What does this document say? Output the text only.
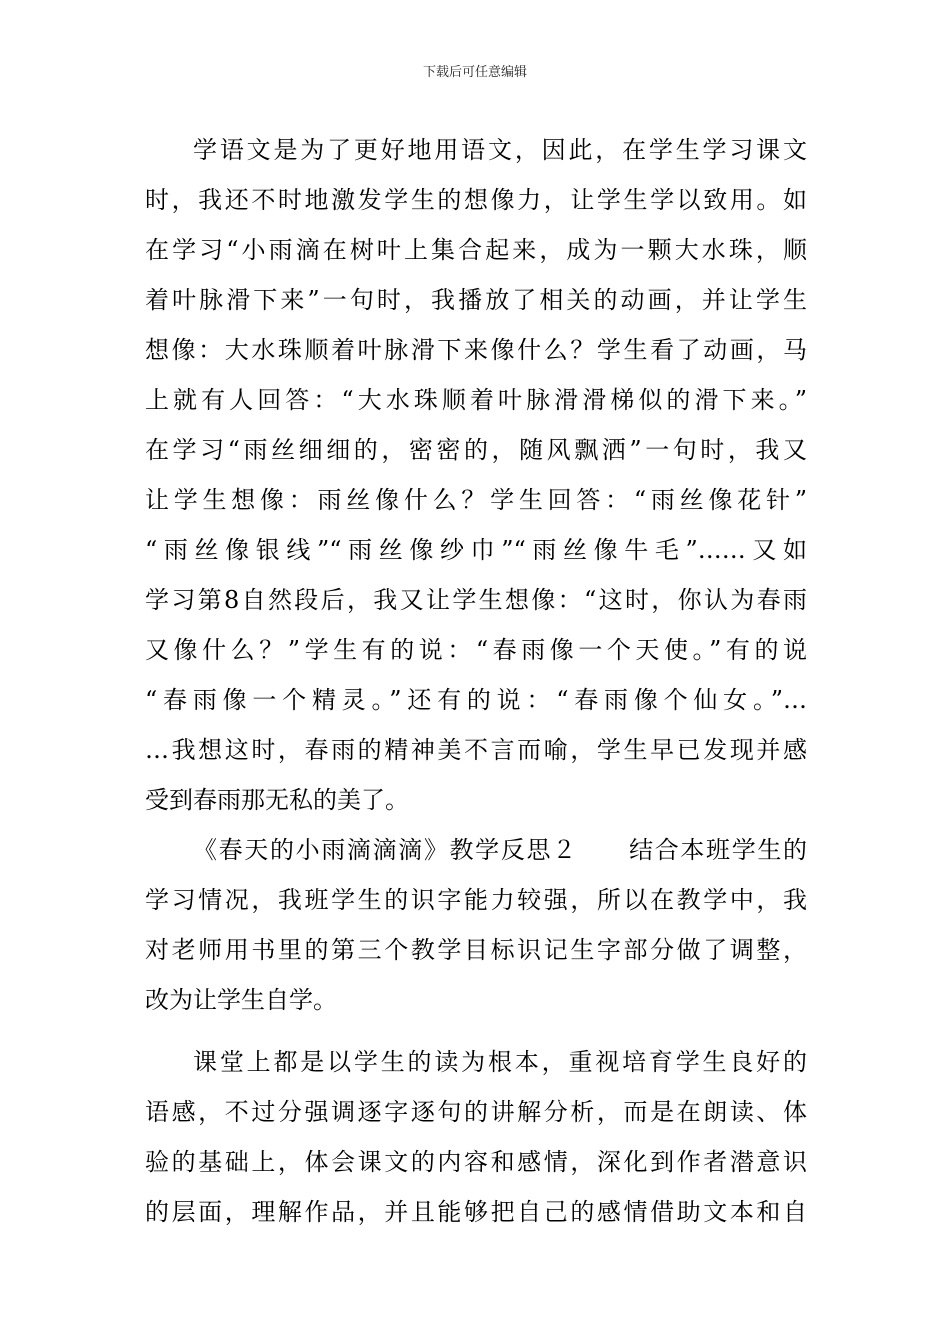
下载后可任意编辑
学语文是为了更好地用语文，因此，在学生学习课文
时，我还不时地激发学生的想像力，让学生学以致用。如
在学习“小雨滴在树叶上集合起来，成为一颗大水珠，顺
着叶脉滑下来”一句时，我播放了相关的动画，并让学生
想像：大水珠顺着叶脉滑下来像什么？学生看了动画，马
上就有人回答：“大水珠顺着叶脉滑滑梯似的滑下来。”
在学习“雨丝细细的，密密的，随风飘洒”一句时，我又
让学生想像：雨丝像什么？学生回答：“雨丝像花针”
“雨丝像银线”“雨丝像纱巾”“雨丝像牛毛”……又如
学习第8自然段后，我又让学生想像：“这时，你认为春雨
又像什么？”学生有的说：“春雨像一个天使。”有的说
“春雨像一个精灵。”还有的说：“春雨像个仙女。”…
…我想这时，春雨的精神美不言而喻，学生早已发现并感
受到春雨那无私的美了。
《春天的小雨滴滴滴》教学反思２　　结合本班学生的
学习情况，我班学生的识字能力较强，所以在教学中，我
对老师用书里的第三个教学目标识记生字部分做了调整，
改为让学生自学。
课堂上都是以学生的读为根本，重视培育学生良好的
语感，不过分强调逐字逐句的讲解分析，而是在朗读、体
验的基础上，体会课文的内容和感情，深化到作者潜意识
的层面，理解作品，并且能够把自己的感情借助文本和自
